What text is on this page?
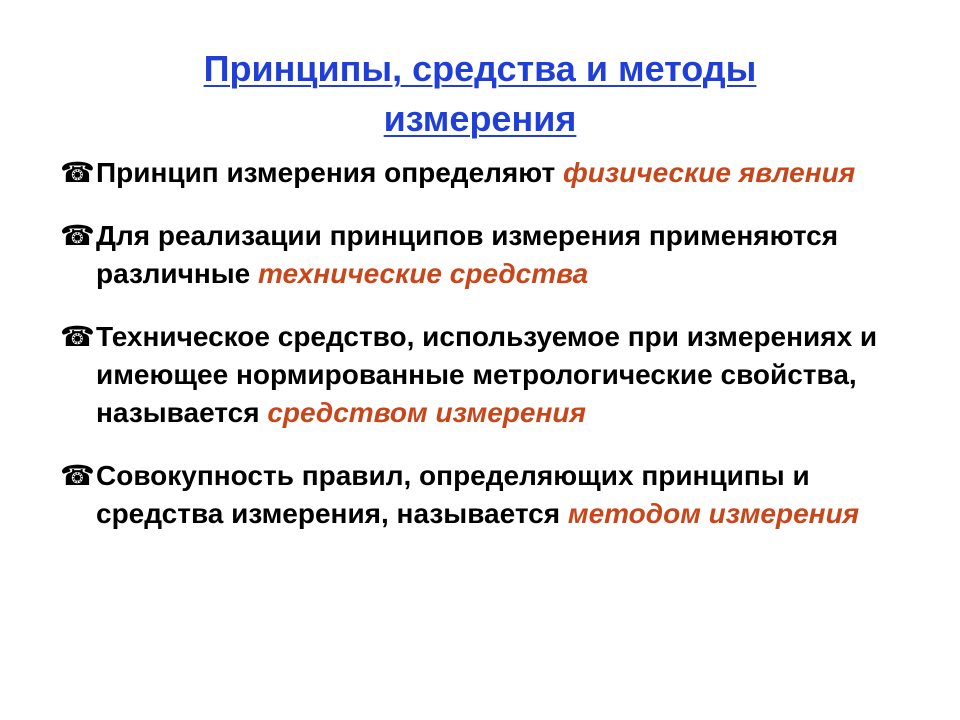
Принципы, средства и методы
измерения
☎ Принцип измерения определяют физические явления
☎ Для реализации принципов измерения применяются различные технические средства
☎ Техническое средство, используемое при измерениях и имеющее нормированные метрологические свойства, называется средством измерения
☎ Совокупность правил, определяющих принципы и средства измерения, называется методом измерения
